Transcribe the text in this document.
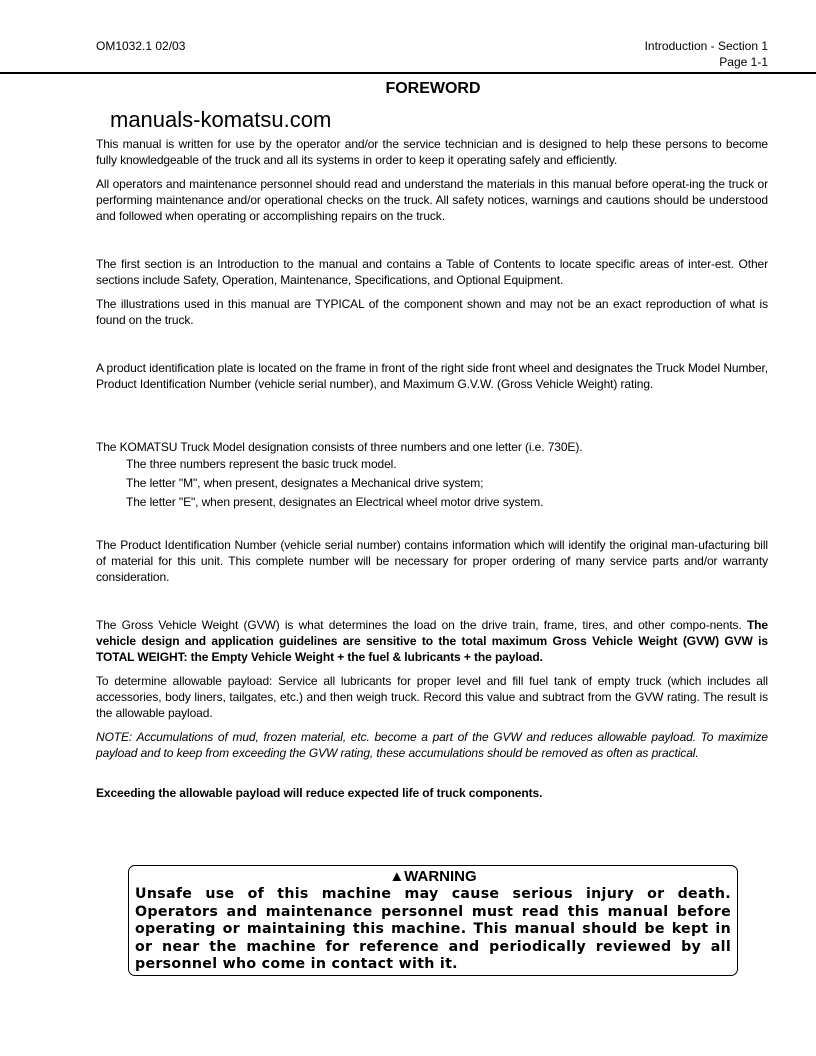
OM1032.1 02/03	Introduction - Section 1
Page 1-1
FOREWORD
manuals-komatsu.com
This manual is written for use by the operator and/or the service technician and is designed to help these persons to become fully knowledgeable of the truck and all its systems in order to keep it operating safely and efficiently.
All operators and maintenance personnel should read and understand the materials in this manual before operat-ing the truck or performing maintenance and/or operational checks on the truck. All safety notices, warnings and cautions should be understood and followed when operating or accomplishing repairs on the truck.
The first section is an Introduction to the manual and contains a Table of Contents to locate specific areas of inter-est. Other sections include Safety, Operation, Maintenance, Specifications, and Optional Equipment.
The illustrations used in this manual are TYPICAL of the component shown and may not be an exact reproduction of what is found on the truck.
A product identification plate is located on the frame in front of the right side front wheel and designates the Truck Model Number, Product Identification Number (vehicle serial number), and Maximum G.V.W. (Gross Vehicle Weight) rating.
The KOMATSU Truck Model designation consists of three numbers and one letter (i.e. 730E).
The three numbers represent the basic truck model.
The letter "M", when present, designates a Mechanical drive system;
The letter "E", when present, designates an Electrical wheel motor drive system.
The Product Identification Number (vehicle serial number) contains information which will identify the original man-ufacturing bill of material for this unit. This complete number will be necessary for proper ordering of many service parts and/or warranty consideration.
The Gross Vehicle Weight (GVW) is what determines the load on the drive train, frame, tires, and other compo-nents. The vehicle design and application guidelines are sensitive to the total maximum Gross Vehicle Weight (GVW) GVW is TOTAL WEIGHT: the Empty Vehicle Weight + the fuel & lubricants + the payload.
To determine allowable payload: Service all lubricants for proper level and fill fuel tank of empty truck (which includes all accessories, body liners, tailgates, etc.) and then weigh truck. Record this value and subtract from the GVW rating. The result is the allowable payload.
NOTE: Accumulations of mud, frozen material, etc. become a part of the GVW and reduces allowable payload. To maximize payload and to keep from exceeding the GVW rating, these accumulations should be removed as often as practical.
Exceeding the allowable payload will reduce expected life of truck components.
▲WARNING
Unsafe use of this machine may cause serious injury or death. Operators and maintenance personnel must read this manual before operating or maintaining this machine. This manual should be kept in or near the machine for reference and periodically reviewed by all personnel who come in contact with it.
